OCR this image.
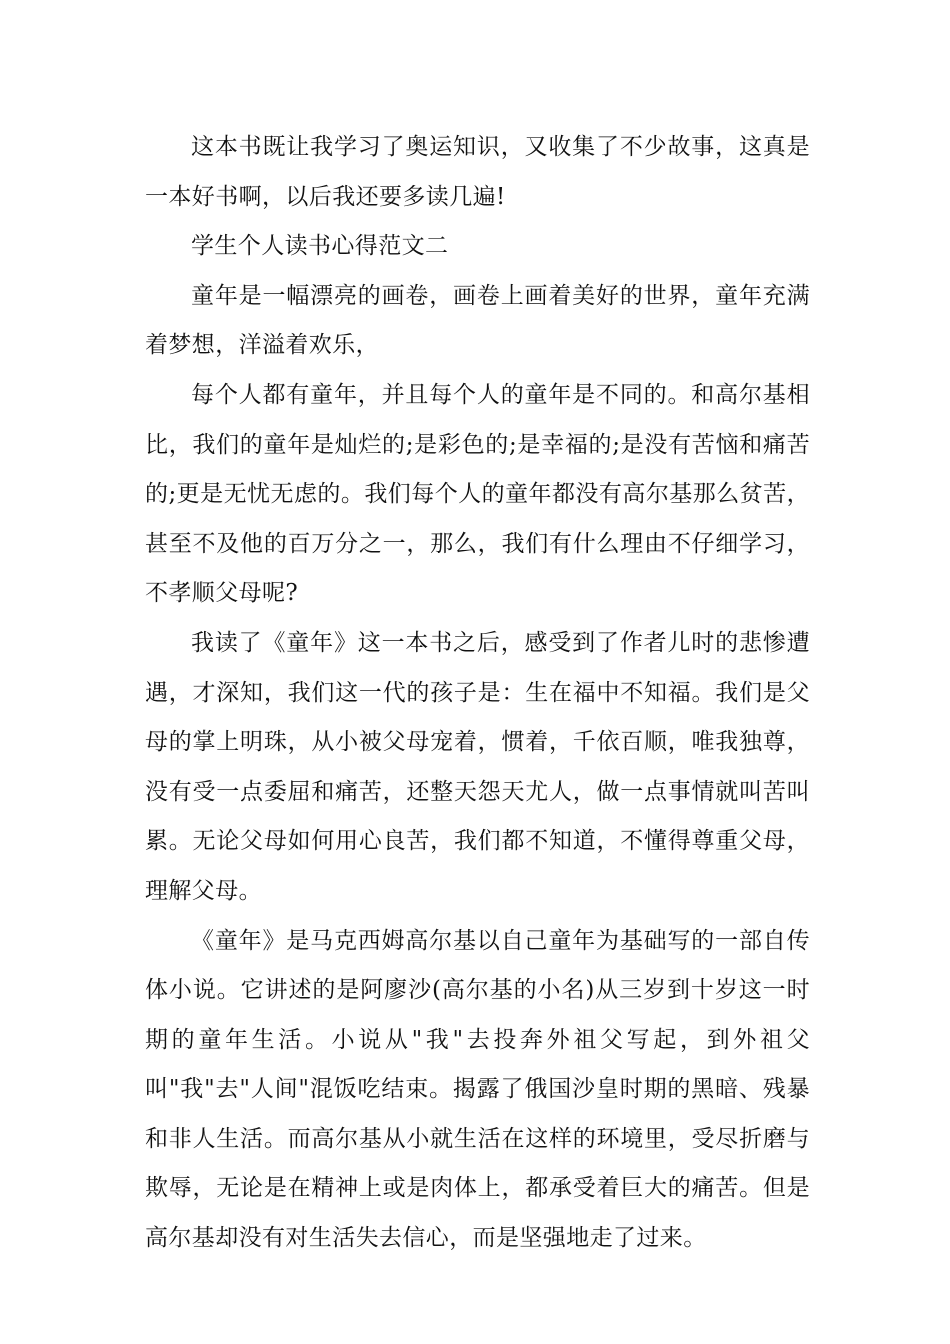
这本书既让我学习了奥运知识，又收集了不少故事，这真是一本好书啊，以后我还要多读几遍!

学生个人读书心得范文二

童年是一幅漂亮的画卷，画卷上画着美好的世界，童年充满着梦想，洋溢着欢乐，

每个人都有童年，并且每个人的童年是不同的。和高尔基相比，我们的童年是灿烂的;是彩色的;是幸福的;是没有苦恼和痛苦的;更是无忧无虑的。我们每个人的童年都没有高尔基那么贫苦，甚至不及他的百万分之一，那么，我们有什么理由不仔细学习，不孝顺父母呢?

我读了《童年》这一本书之后，感受到了作者儿时的悲惨遭遇，才深知，我们这一代的孩子是：生在福中不知福。我们是父母的掌上明珠，从小被父母宠着，惯着，千依百顺，唯我独尊，没有受一点委屈和痛苦，还整天怨天尤人，做一点事情就叫苦叫累。无论父母如何用心良苦，我们都不知道，不懂得尊重父母，理解父母。

《童年》是马克西姆高尔基以自己童年为基础写的一部自传体小说。它讲述的是阿廖沙(高尔基的小名)从三岁到十岁这一时期的童年生活。小说从"我"去投奔外祖父写起，到外祖父叫"我"去"人间"混饭吃结束。揭露了俄国沙皇时期的黑暗、残暴和非人生活。而高尔基从小就生活在这样的环境里，受尽折磨与欺辱，无论是在精神上或是肉体上，都承受着巨大的痛苦。但是高尔基却没有对生活失去信心，而是坚强地走了过来。
